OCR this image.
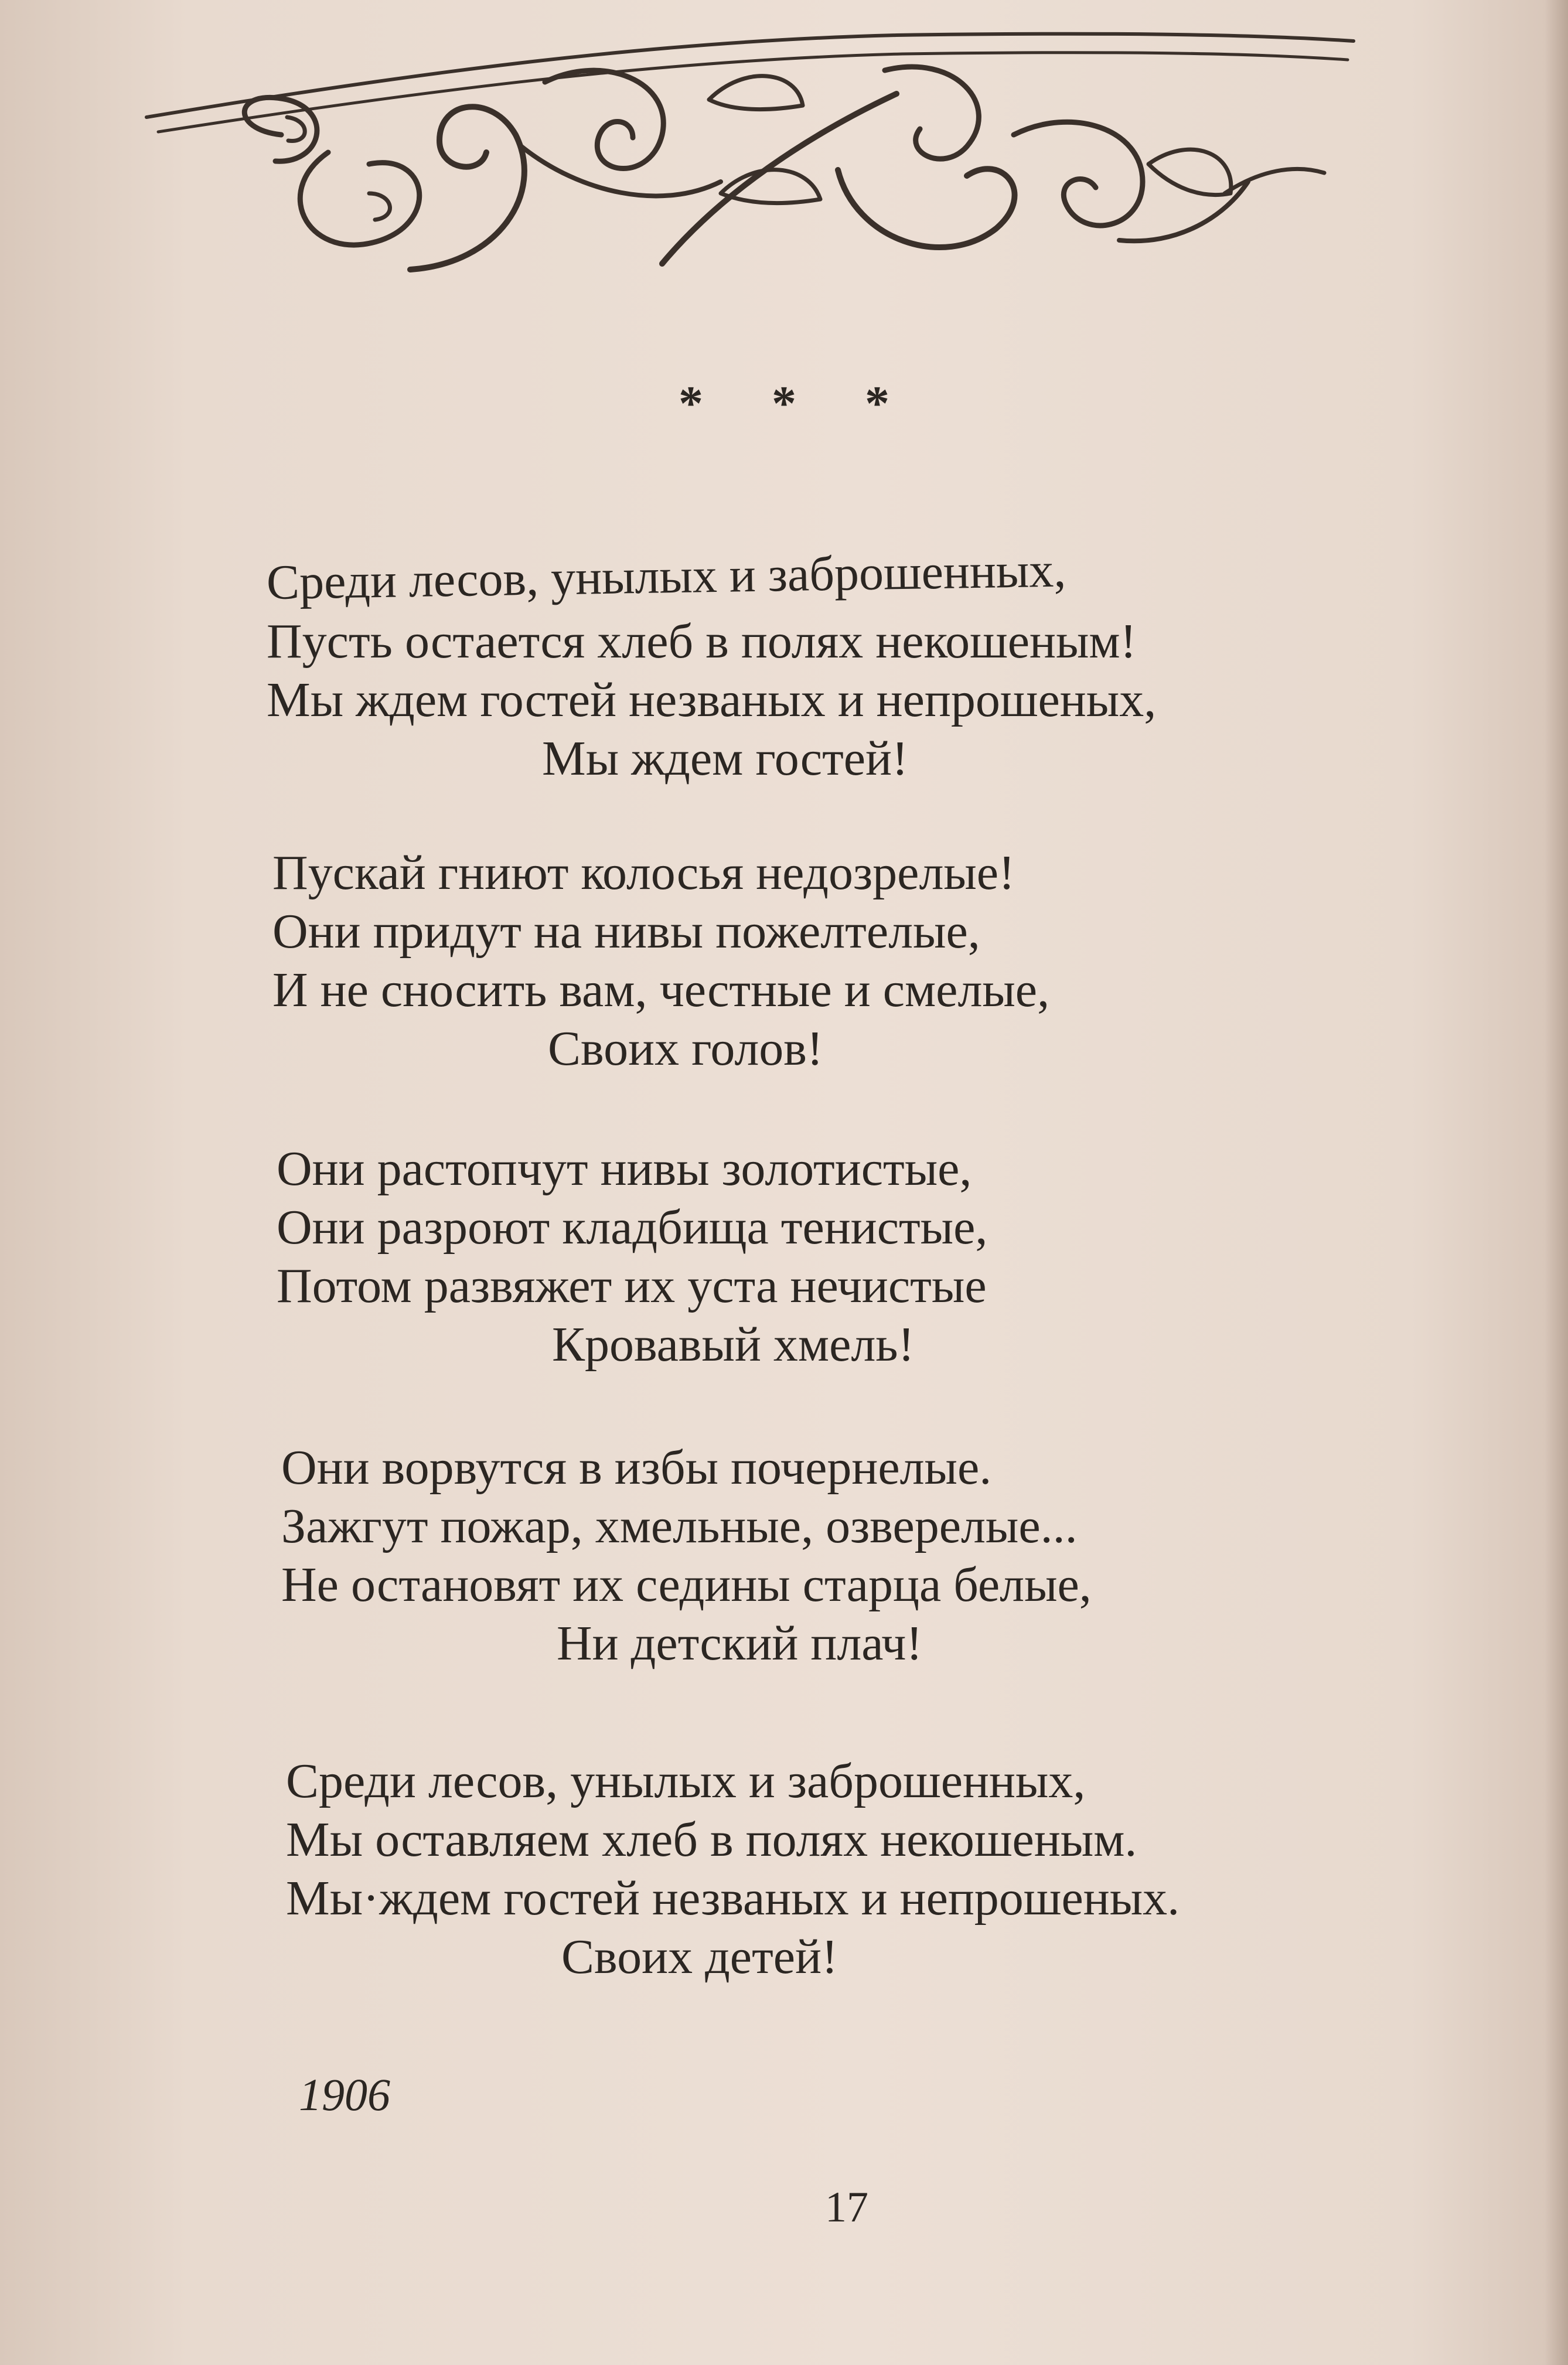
* * *
Среди лесов, унылых и заброшенных,
Пусть остается хлеб в полях некошеным!
Мы ждем гостей незваных и непрошеных,
Мы ждем гостей!
Пускай гниют колосья недозрелые!
Они придут на нивы пожелтелые,
И не сносить вам, честные и смелые,
Своих голов!
Они растопчут нивы золотистые,
Они разроют кладбища тенистые,
Потом развяжет их уста нечистые
Кровавый хмель!
Они ворвутся в избы почернелые.
Зажгут пожар, хмельные, озверелые...
Не остановят их седины старца белые,
Ни детский плач!
Среди лесов, унылых и заброшенных,
Мы оставляем хлеб в полях некошеным.
Мы·ждем гостей незваных и непрошеных.
Своих детей!
1906
17
